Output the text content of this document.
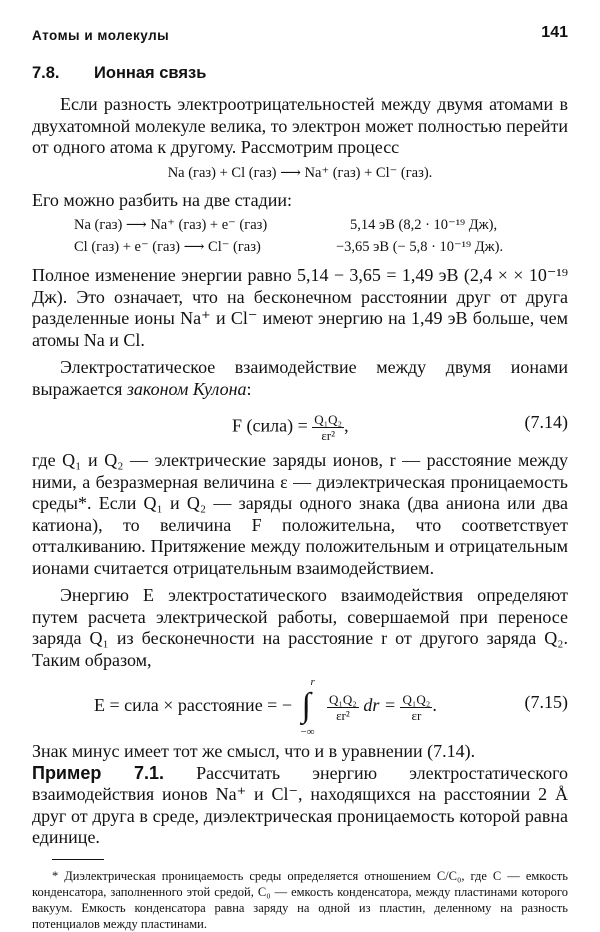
Атомы и молекулы	141
7.8. Ионная связь

Если разность электроотрицательностей между двумя атомами в двухатомной молекуле велика, то электрон может полностью перейти от одного атома к другому. Рассмотрим процесс

Na (газ) + Cl (газ) ⟶ Na⁺ (газ) + Cl⁻ (газ).

Его можно разбить на две стадии:

Na (газ) ⟶ Na⁺ (газ) + e⁻ (газ)	5,14 эВ (8,2 · 10⁻¹⁹ Дж),
Cl (газ) + e⁻ (газ) ⟶ Cl⁻ (газ)	−3,65 эВ (− 5,8 · 10⁻¹⁹ Дж).

Полное изменение энергии равно 5,14 − 3,65 = 1,49 эВ (2,4 × × 10⁻¹⁹ Дж). Это означает, что на бесконечном расстоянии друг от друга разделенные ионы Na⁺ и Cl⁻ имеют энергию на 1,49 эВ больше, чем атомы Na и Cl.

Электростатическое взаимодействие между двумя ионами выражается законом Кулона:

F (сила) = $\frac{\text{Q₁Q₂}}{\text{εr²}}$ ,	(7.14)

где Q₁ и Q₂ — электрические заряды ионов, r — расстояние между ними, а безразмерная величина ε — диэлектрическая проницаемость среды*. Если Q₁ и Q₂ — заряды одного знака (два аниона или два катиона), то величина F положительна, что соответствует отталкиванию. Притяжение между положительным и отрицательным ионами считается отрицательным взаимодействием.

Энергию E электростатического взаимодействия определяют путем расчета электрической работы, совершаемой при переносе заряда Q₁ из бесконечности на расстояние r от другого заряда Q₂. Таким образом,

E = сила × расстояние = − ∫
r
−∞

$\frac{\text{Q₁Q₂}}{\text{εr²}}$ dr = $\frac{\text{Q₁Q₂}}{\varepsilon r}$ .	(7.15)

Знак минус имеет тот же смысл, что и в уравнении (7.14).

Пример 7.1. Рассчитать энергию электростатического взаимодействия ионов Na⁺ и Cl⁻, находящихся на расстоянии 2 Å друг от друга в среде, диэлектрическая проницаемость которой равна единице.

* Диэлектрическая проницаемость среды определяется отношением C/C₀, где C — емкость конденсатора, заполненного этой средой, C₀ — емкость конденсатора, между пластинами которого вакуум. Емкость конденсатора равна заряду на одной из пластин, деленному на разность потенциалов между пластинами.
